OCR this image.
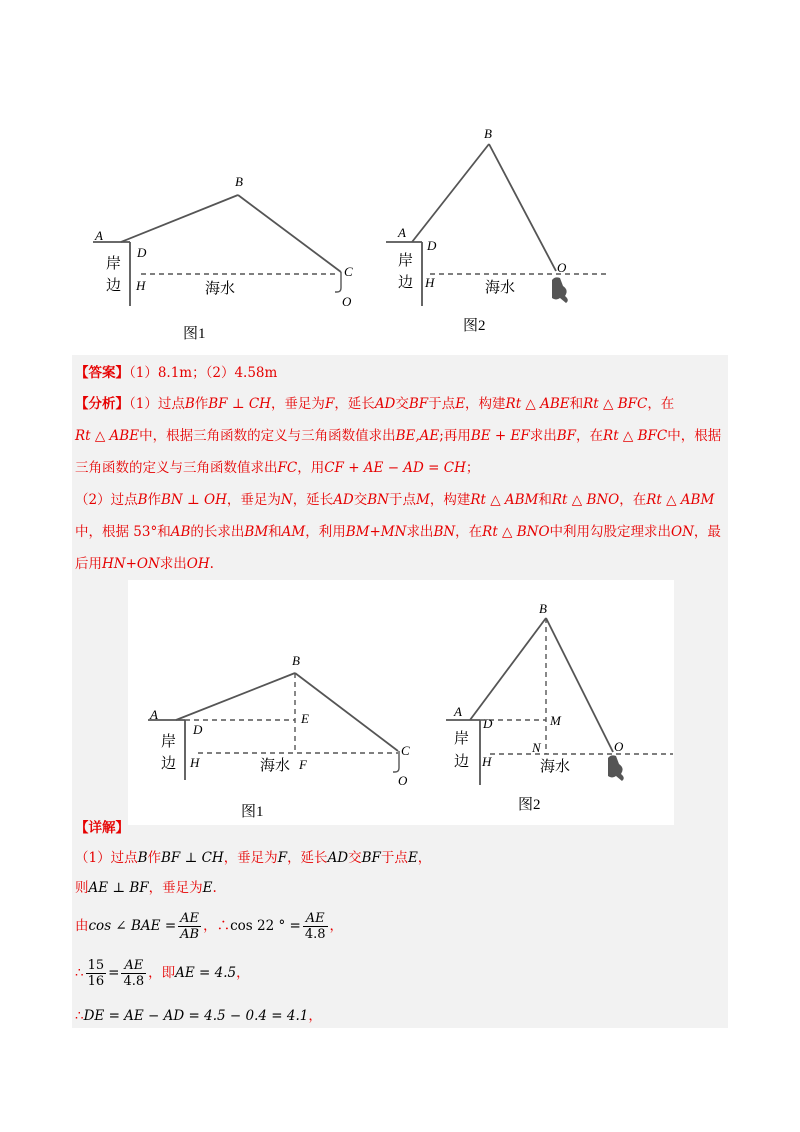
A
B
D
H
C
O
岸
边	海水
图1
A
B
D
H
O
岸
边	海水
图2
【答案】（1）8.1m；（2）4.58m
【分析】（1）过点B作BF ⊥ CH，垂足为F，延长AD交BF于点E，构建Rt △ ABE和Rt △ BFC，在
Rt △ ABE中，根据三角函数的定义与三角函数值求出BE,AE;再用BE + EF求出BF，在Rt △ BFC中，根据
三角函数的定义与三角函数值求出FC，用CF + AE − AD = CH；
（2）过点B作BN ⊥ OH，垂足为N，延长AD交BN于点M，构建Rt △ ABM和Rt △ BNO，在Rt △ ABM
中，根据 53°和AB的长求出BM和AM，利用BM+MN求出BN，在Rt △ BNO中利用勾股定理求出ON，最
后用HN+ON求出OH.
A
B
D
E
H	F
C
O
岸
边	海水
图1
A
B
D	M
N
H
O
岸
边	海水
图2
【详解】
（1）过点B作BF ⊥ CH，垂足为F，延长AD交BF于点E，
则AE ⊥ BF，垂足为E.
由cos ∠ BAE = $\frac{AE}{AB}$ ，∴cos 22 ° = $\frac{AE}{4.8}$ ，
∴ $\frac{15}{16} = \frac{AE}{4.8}$ ，即AE = 4.5，
∴DE = AE − AD = 4.5 − 0.4 = 4.1，
